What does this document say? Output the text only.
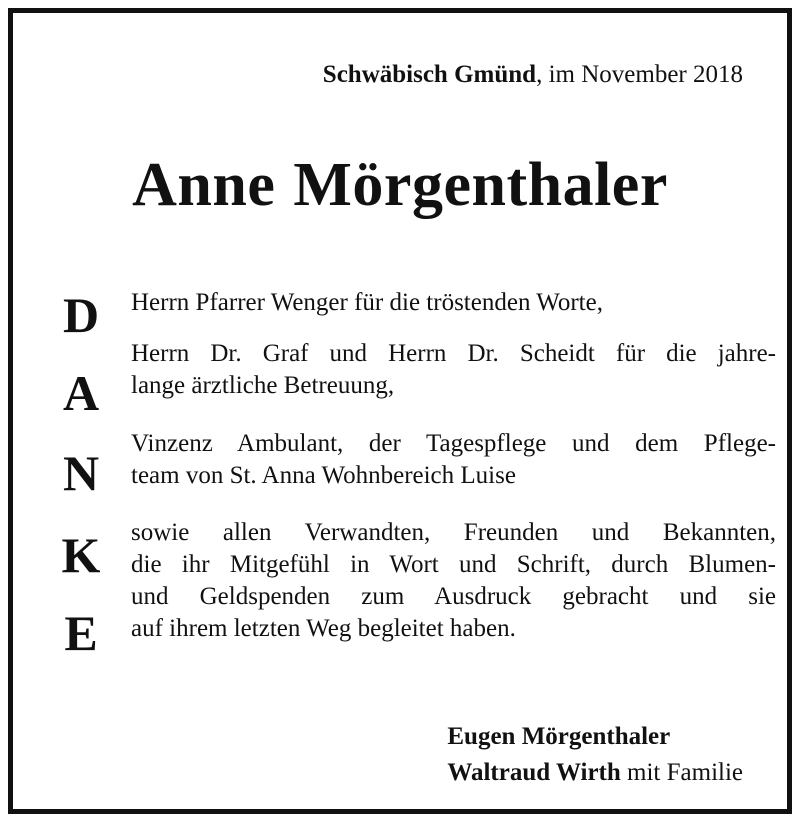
Schwäbisch Gmünd, im November 2018
Anne Mörgenthaler
D
A
N
K
E
Herrn Pfarrer Wenger für die tröstenden Worte,
Herrn Dr. Graf und Herrn Dr. Scheidt für die jahre-
lange ärztliche Betreuung,
Vinzenz Ambulant, der Tagespflege und dem Pflege-
team von St. Anna Wohnbereich Luise
sowie allen Verwandten, Freunden und Bekannten,
die ihr Mitgefühl in Wort und Schrift, durch Blumen-
und Geldspenden zum Ausdruck gebracht und sie
auf ihrem letzten Weg begleitet haben.
Eugen Mörgenthaler
Waltraud Wirth mit Familie
